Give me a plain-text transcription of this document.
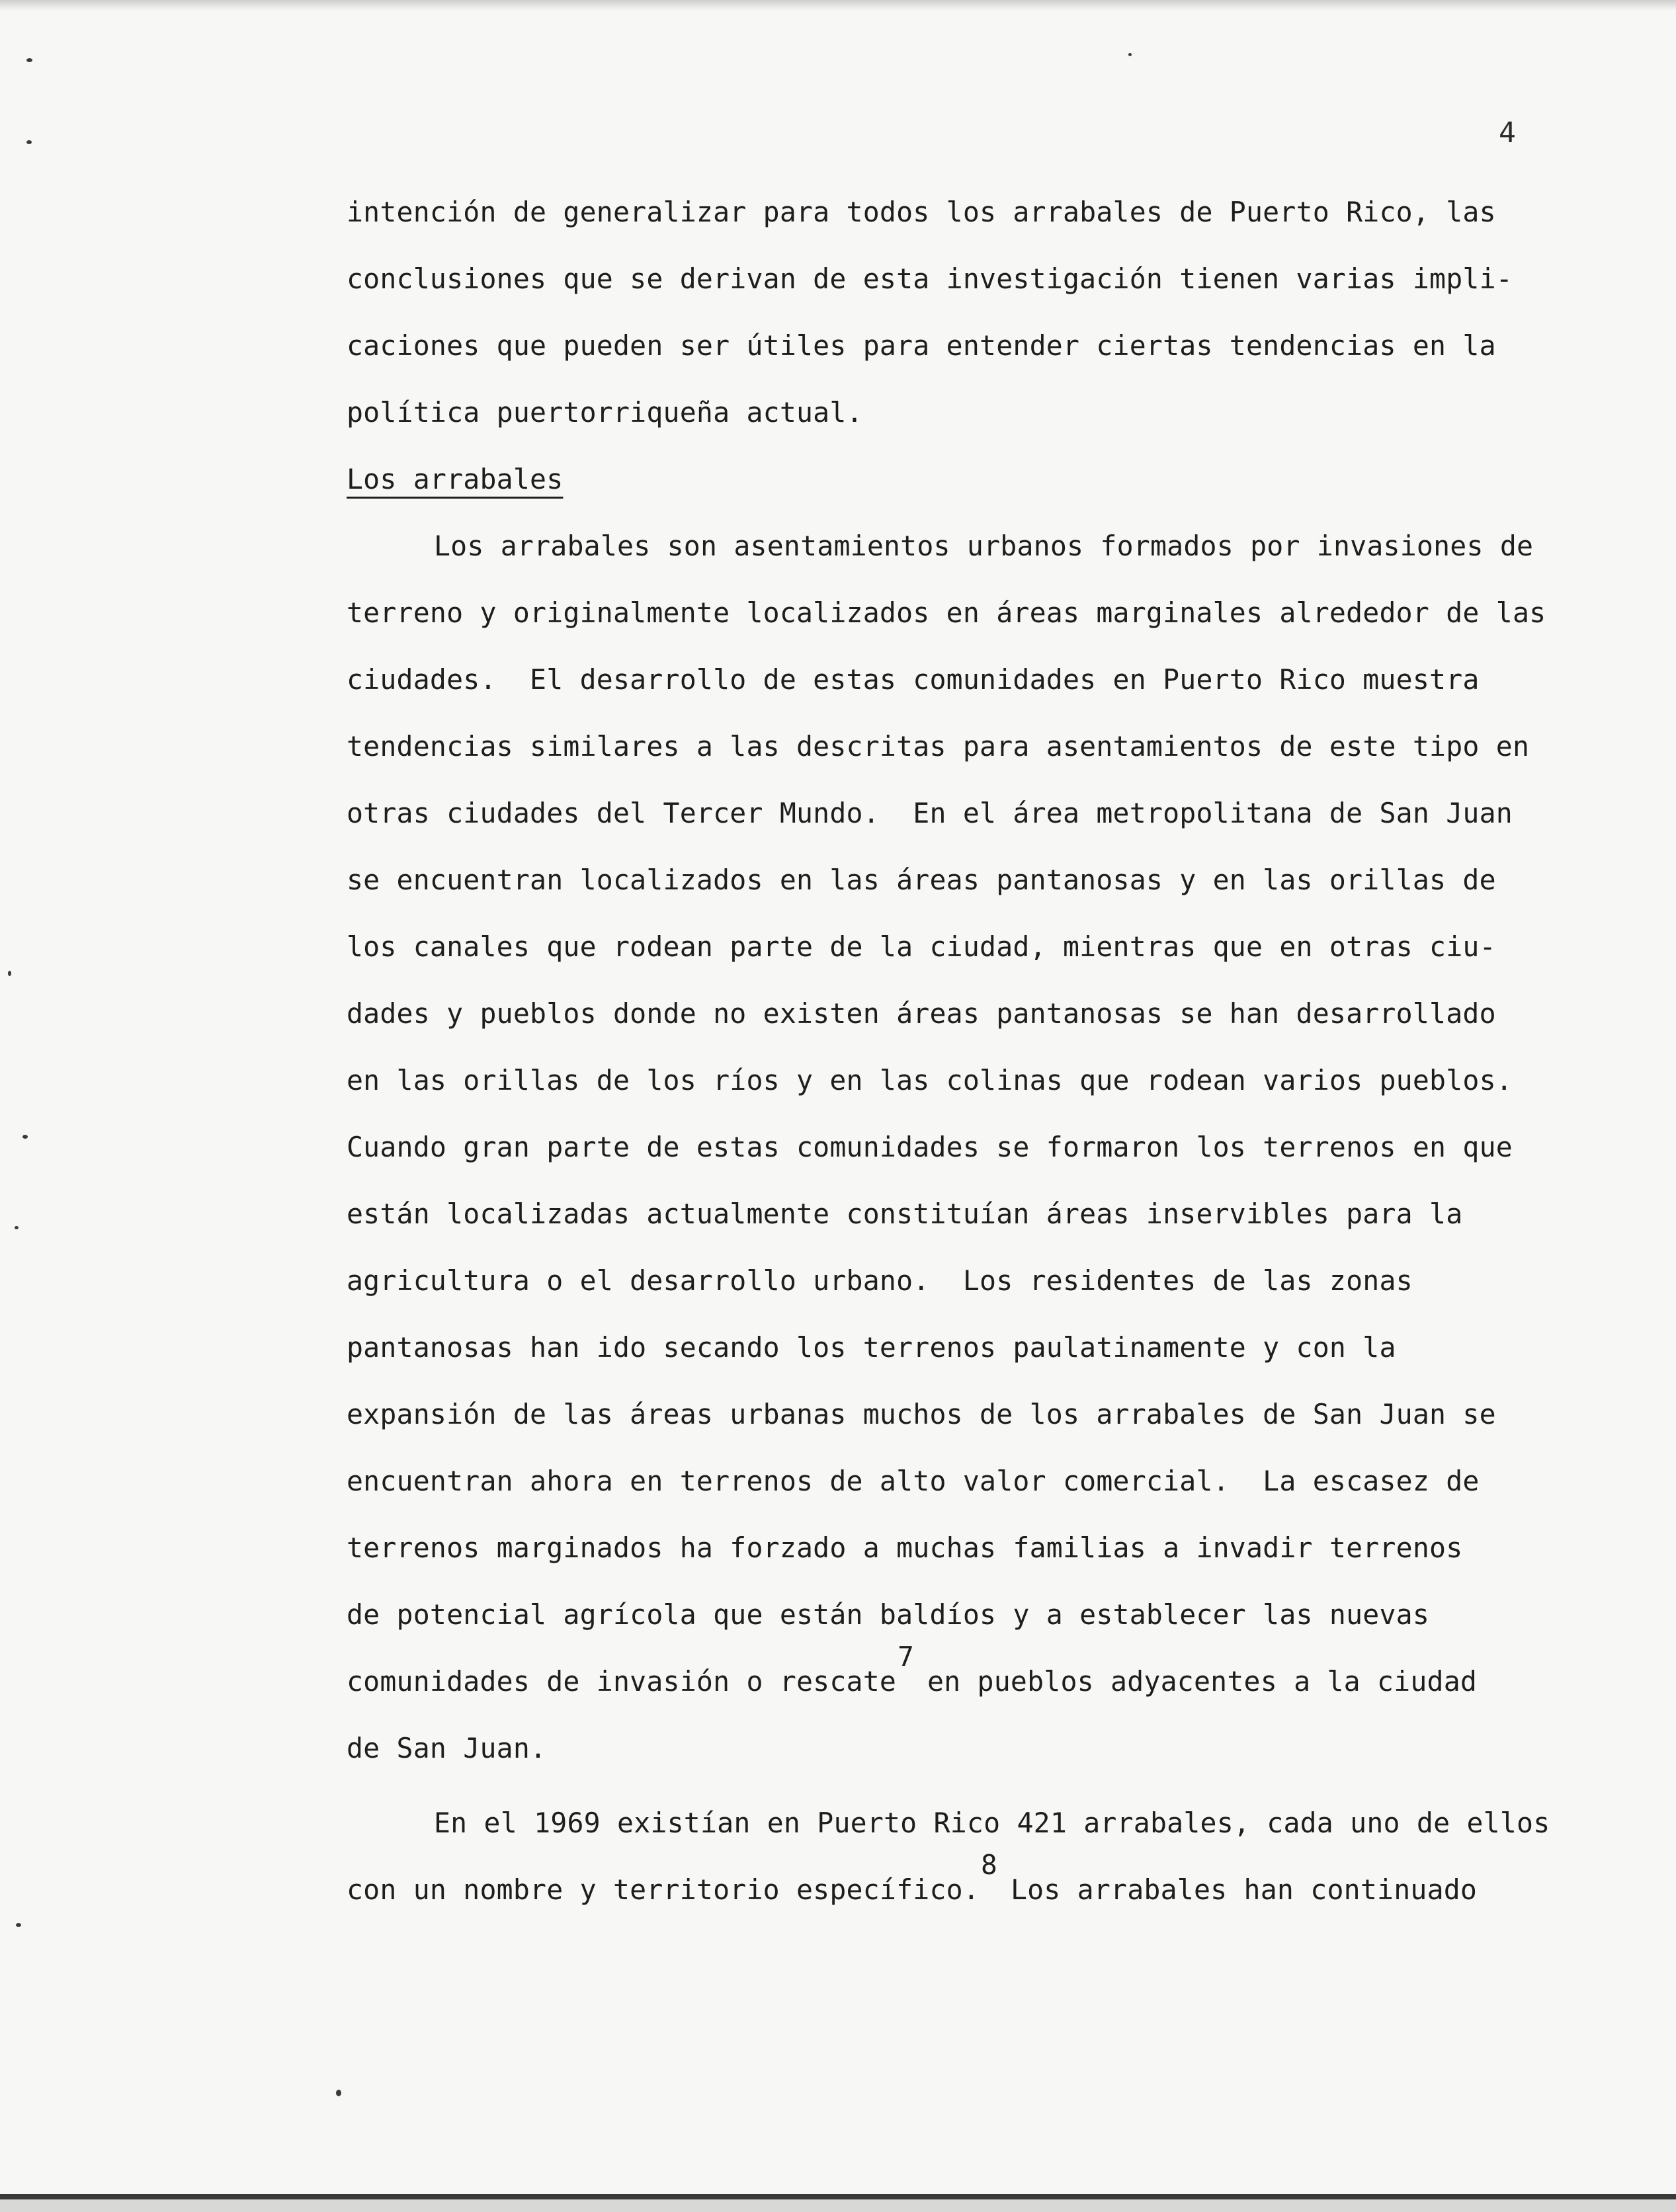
4
intención de generalizar para todos los arrabales de Puerto Rico, las
conclusiones que se derivan de esta investigación tienen varias impli-
caciones que pueden ser útiles para entender ciertas tendencias en la
política puertorriqueña actual.
Los arrabales
Los arrabales son asentamientos urbanos formados por invasiones de
terreno y originalmente localizados en áreas marginales alrededor de las
ciudades.  El desarrollo de estas comunidades en Puerto Rico muestra
tendencias similares a las descritas para asentamientos de este tipo en
otras ciudades del Tercer Mundo.  En el área metropolitana de San Juan
se encuentran localizados en las áreas pantanosas y en las orillas de
los canales que rodean parte de la ciudad, mientras que en otras ciu-
dades y pueblos donde no existen áreas pantanosas se han desarrollado
en las orillas de los ríos y en las colinas que rodean varios pueblos.
Cuando gran parte de estas comunidades se formaron los terrenos en que
están localizadas actualmente constituían áreas inservibles para la
agricultura o el desarrollo urbano.  Los residentes de las zonas
pantanosas han ido secando los terrenos paulatinamente y con la
expansión de las áreas urbanas muchos de los arrabales de San Juan se
encuentran ahora en terrenos de alto valor comercial.  La escasez de
terrenos marginados ha forzado a muchas familias a invadir terrenos
de potencial agrícola que están baldíos y a establecer las nuevas
comunidades de invasión o rescate$^7$en pueblos adyacentes a la ciudad
de San Juan.
En el 1969 existían en Puerto Rico 421 arrabales, cada uno de ellos
con un nombre y territorio específico.$^8$Los arrabales han continuado
